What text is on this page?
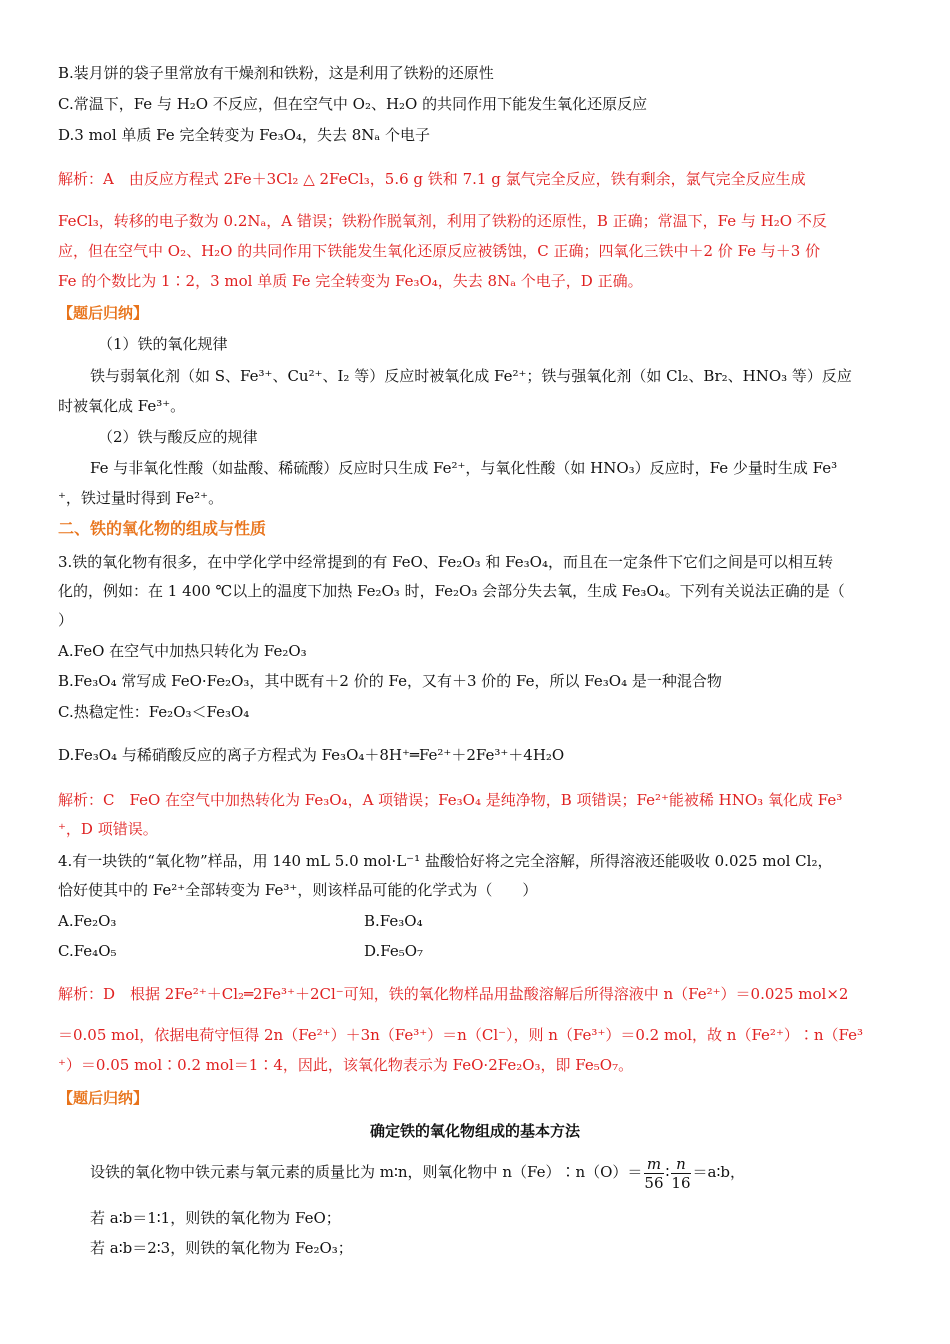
B.装月饼的袋子里常放有干燥剂和铁粉，这是利用了铁粉的还原性
C.常温下，Fe 与 H₂O 不反应，但在空气中 O₂、H₂O 的共同作用下能发生氧化还原反应
D.3 mol 单质 Fe 完全转变为 Fe₃O₄，失去 8Nₐ 个电子
解析：A　由反应方程式 2Fe＋3Cl₂ △ 2FeCl₃，5.6 g 铁和 7.1 g 氯气完全反应，铁有剩余，氯气完全反应生成
FeCl₃，转移的电子数为 0.2Nₐ，A 错误；铁粉作脱氧剂，利用了铁粉的还原性，B 正确；常温下，Fe 与 H₂O 不反
应，但在空气中 O₂、H₂O 的共同作用下铁能发生氧化还原反应被锈蚀，C 正确；四氧化三铁中＋2 价 Fe 与＋3 价
Fe 的个数比为 1∶2，3 mol 单质 Fe 完全转变为 Fe₃O₄，失去 8Nₐ 个电子，D 正确。
【题后归纳】
（1）铁的氧化规律
铁与弱氧化剂（如 S、Fe³⁺、Cu²⁺、I₂ 等）反应时被氧化成 Fe²⁺；铁与强氧化剂（如 Cl₂、Br₂、HNO₃ 等）反应
时被氧化成 Fe³⁺。
（2）铁与酸反应的规律
Fe 与非氧化性酸（如盐酸、稀硫酸）反应时只生成 Fe²⁺，与氧化性酸（如 HNO₃）反应时，Fe 少量时生成 Fe³
⁺，铁过量时得到 Fe²⁺。
二、铁的氧化物的组成与性质
3.铁的氧化物有很多，在中学化学中经常提到的有 FeO、Fe₂O₃ 和 Fe₃O₄，而且在一定条件下它们之间是可以相互转
化的，例如：在 1 400 ℃以上的温度下加热 Fe₂O₃ 时，Fe₂O₃ 会部分失去氧，生成 Fe₃O₄。下列有关说法正确的是（
）
A.FeO 在空气中加热只转化为 Fe₂O₃
B.Fe₃O₄ 常写成 FeO·Fe₂O₃，其中既有＋2 价的 Fe，又有＋3 价的 Fe，所以 Fe₃O₄ 是一种混合物
C.热稳定性：Fe₂O₃＜Fe₃O₄
D.Fe₃O₄ 与稀硝酸反应的离子方程式为 Fe₃O₄＋8H⁺═Fe²⁺＋2Fe³⁺＋4H₂O
解析：C　FeO 在空气中加热转化为 Fe₃O₄，A 项错误；Fe₃O₄ 是纯净物，B 项错误；Fe²⁺能被稀 HNO₃ 氧化成 Fe³
⁺，D 项错误。
4.有一块铁的“氧化物”样品，用 140 mL 5.0 mol·L⁻¹ 盐酸恰好将之完全溶解，所得溶液还能吸收 0.025 mol Cl₂，
恰好使其中的 Fe²⁺全部转变为 Fe³⁺，则该样品可能的化学式为（　　）
A.Fe₂O₃	B.Fe₃O₄
C.Fe₄O₅	D.Fe₅O₇
解析：D　根据 2Fe²⁺＋Cl₂═2Fe³⁺＋2Cl⁻可知，铁的氧化物样品用盐酸溶解后所得溶液中 n（Fe²⁺）＝0.025 mol×2
＝0.05 mol，依据电荷守恒得 2n（Fe²⁺）＋3n（Fe³⁺）＝n（Cl⁻），则 n（Fe³⁺）＝0.2 mol，故 n（Fe²⁺）∶n（Fe³
⁺）＝0.05 mol∶0.2 mol＝1∶4，因此，该氧化物表示为 FeO·2Fe₂O₃，即 Fe₅O₇。
【题后归纳】
确定铁的氧化物组成的基本方法
设铁的氧化物中铁元素与氧元素的质量比为 m∶n，则氧化物中 n（Fe）∶n（O）＝ $\frac{m}{56}$ ∶ $\frac{n}{16}$ ＝a∶b，
若 a∶b＝1∶1，则铁的氧化物为 FeO；
若 a∶b＝2∶3，则铁的氧化物为 Fe₂O₃；
